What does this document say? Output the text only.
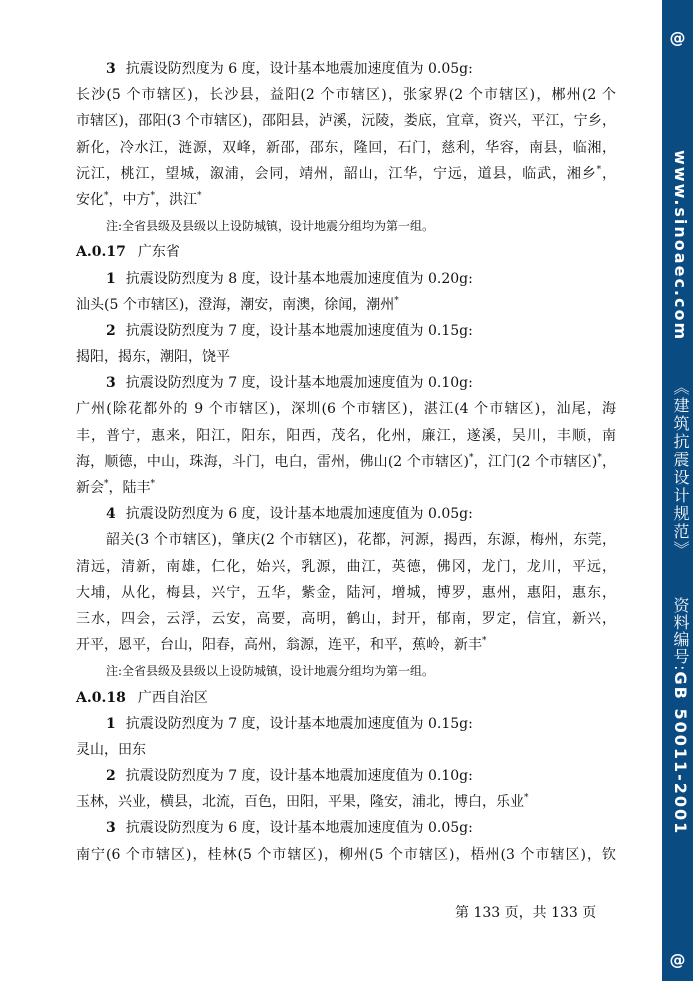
3 抗震设防烈度为 6 度，设计基本地震加速度值为 0.05g:
长沙(5 个市辖区)，长沙县，益阳(2 个市辖区)，张家界(2 个市辖区)，郴州(2 个
市辖区)，邵阳(3 个市辖区)，邵阳县，泸溪，沅陵，娄底，宜章，资兴，平江，宁乡，
新化，冷水江，涟源，双峰，新邵，邵东，隆回，石门，慈利，华容，南县，临湘，
沅江，桃江，望城，溆浦，会同，靖州，韶山，江华，宁远，道县，临武，湘乡*，
安化*，中方*，洪江*
注:全省县级及县级以上设防城镇，设计地震分组均为第一组。
A.0.17 广东省
1 抗震设防烈度为 8 度，设计基本地震加速度值为 0.20g:
汕头(5 个市辖区)，澄海，潮安，南澳，徐闻，潮州*
2 抗震设防烈度为 7 度，设计基本地震加速度值为 0.15g:
揭阳，揭东，潮阳，饶平
3 抗震设防烈度为 7 度，设计基本地震加速度值为 0.10g:
广州(除花都外的 9 个市辖区)，深圳(6 个市辖区)，湛江(4 个市辖区)，汕尾，海
丰，普宁，惠来，阳江，阳东，阳西，茂名，化州，廉江，遂溪，吴川，丰顺，南
海，顺德，中山，珠海，斗门，电白，雷州，佛山(2 个市辖区)*，江门(2 个市辖区)*，
新会*，陆丰*
4 抗震设防烈度为 6 度，设计基本地震加速度值为 0.05g:
韶关(3 个市辖区)，肇庆(2 个市辖区)，花都，河源，揭西，东源，梅州，东莞，
清远，清新，南雄，仁化，始兴，乳源，曲江，英德，佛冈，龙门，龙川，平远，
大埔，从化，梅县，兴宁，五华，紫金，陆河，增城，博罗，惠州，惠阳，惠东，
三水，四会，云浮，云安，高要，高明，鹤山，封开，郁南，罗定，信宜，新兴，
开平，恩平，台山，阳春，高州，翁源，连平，和平，蕉岭，新丰*
注:全省县级及县级以上设防城镇，设计地震分组均为第一组。
A.0.18 广西自治区
1 抗震设防烈度为 7 度，设计基本地震加速度值为 0.15g:
灵山，田东
2 抗震设防烈度为 7 度，设计基本地震加速度值为 0.10g:
玉林，兴业，横县，北流，百色，田阳，平果，隆安，浦北，博白，乐业*
3 抗震设防烈度为 6 度，设计基本地震加速度值为 0.05g:
南宁(6 个市辖区)，桂林(5 个市辖区)，柳州(5 个市辖区)，梧州(3 个市辖区)，钦
第 133 页，共 133 页
@
www.sinoaec.com《建筑抗震设计规范》资料编号:GB 50011-2001
@
